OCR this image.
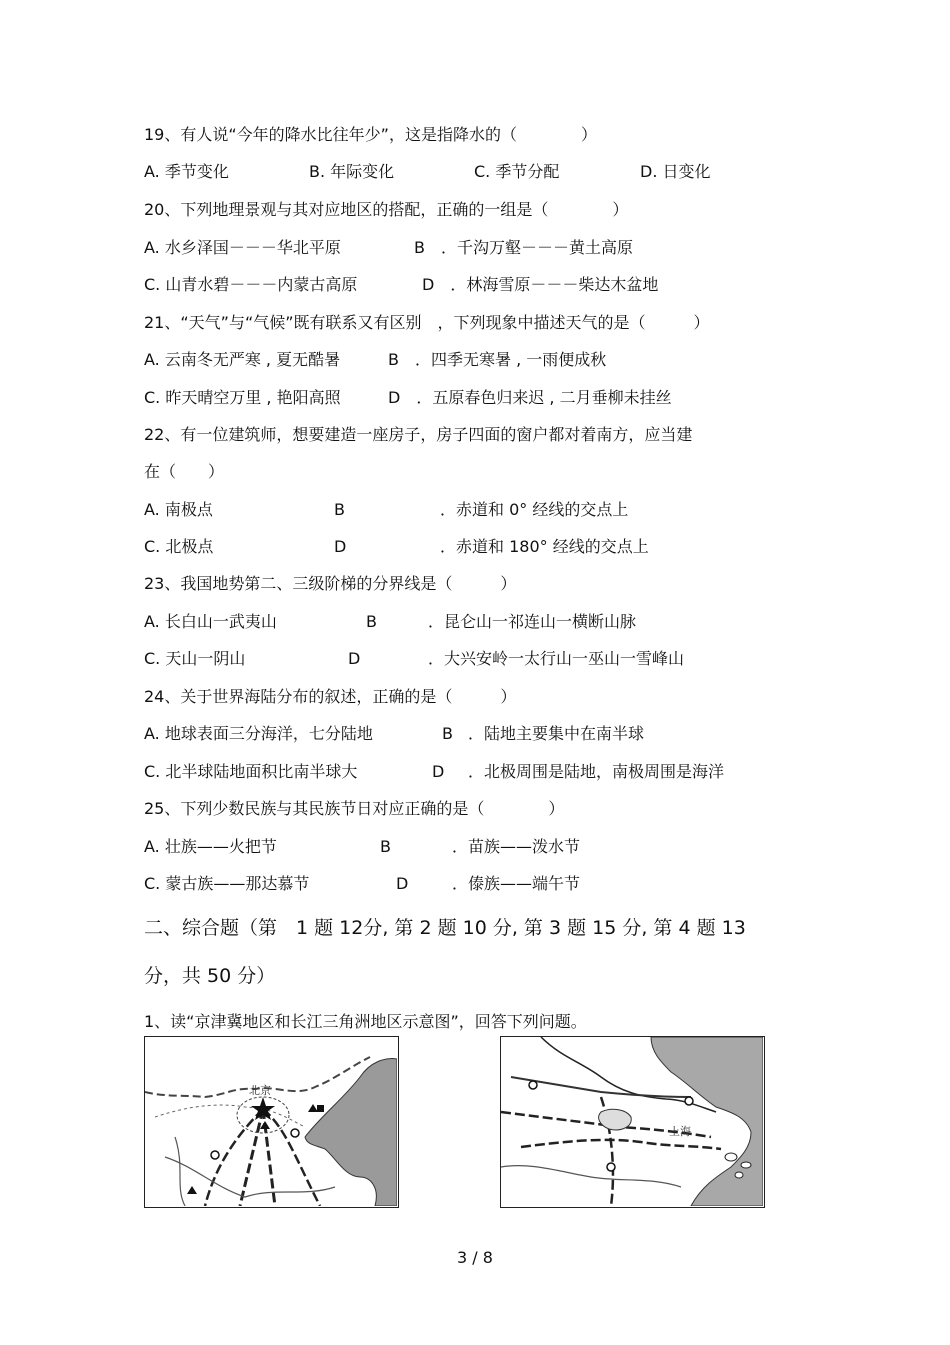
19、有人说“今年的降水比往年少”，这是指降水的（　　　　）
A. 季节变化	B. 年际变化	C. 季节分配	D. 日变化
20、下列地理景观与其对应地区的搭配，正确的一组是（　　　　）
A. 水乡泽国－－－华北平原	B　．千沟万壑－－－黄土高原
C. 山青水碧－－－内蒙古高原	D　．林海雪原－－－柴达木盆地
21、“天气”与“气候”既有联系又有区别　，下列现象中描述天气的是（　　　）
A. 云南冬无严寒 , 夏无酷暑	B　．四季无寒暑 , 一雨便成秋
C. 昨天晴空万里 , 艳阳高照	D　．五原春色归来迟 , 二月垂柳未挂丝
22、有一位建筑师，想要建造一座房子，房子四面的窗户都对着南方，应当建
在（　　）
A. 南极点	B	．赤道和 0° 经线的交点上
C. 北极点	D	．赤道和 180° 经线的交点上
23、我国地势第二、三级阶梯的分界线是（　　　）
A. 长白山一武夷山	B	．昆仑山一祁连山一横断山脉
C. 天山一阴山	D	．大兴安岭一太行山一巫山一雪峰山
24、关于世界海陆分布的叙述，正确的是（　　　）
A. 地球表面三分海洋，七分陆地	B ．陆地主要集中在南半球
C. 北半球陆地面积比南半球大	D ．北极周围是陆地，南极周围是海洋
25、下列少数民族与其民族节日对应正确的是（　　　　）
A. 壮族——火把节	B	．苗族——泼水节
C. 蒙古族——那达慕节	D	．傣族——端午节
二、综合题（第　1 题 12分, 第 2 题 10 分, 第 3 题 15 分, 第 4 题 13
分，共 50 分）
1、读“京津冀地区和长江三角洲地区示意图”，回答下列问题。
北京
上海
3 / 8
